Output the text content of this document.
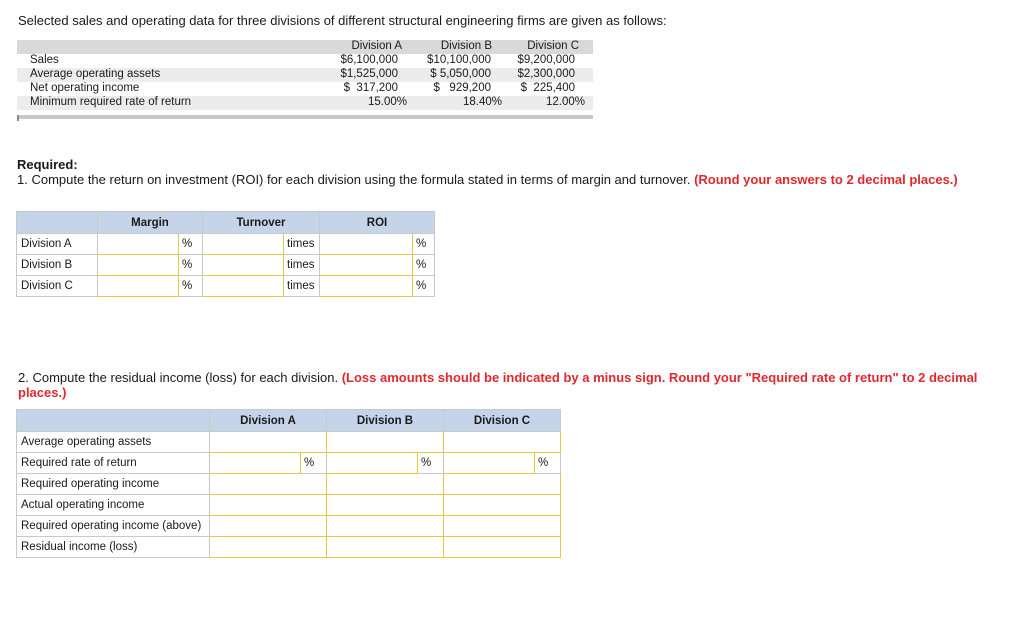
Selected sales and operating data for three divisions of different structural engineering firms are given as follows:
Division A	Division B	Division C
Sales	$6,100,000	$10,100,000	$9,200,000
Average operating assets	$1,525,000	$ 5,050,000	$2,300,000
Net operating income	$  317,200	$   929,200	$  225,400
Minimum required rate of return	15.00%	18.40%	12.00%
Required:
1. Compute the return on investment (ROI) for each division using the formula stated in terms of margin and turnover. (Round your answers to 2 decimal places.)
	Margin		Turnover		ROI	
Division A		%		times		%
Division B		%		times		%
Division C		%		times		%
2. Compute the residual income (loss) for each division. (Loss amounts should be indicated by a minus sign. Round your "Required rate of return" to 2 decimal places.)
	Division A		Division B		Division C	
Average operating assets						
Required rate of return		%		%		%
Required operating income						
Actual operating income						
Required operating income (above)						
Residual income (loss)						
